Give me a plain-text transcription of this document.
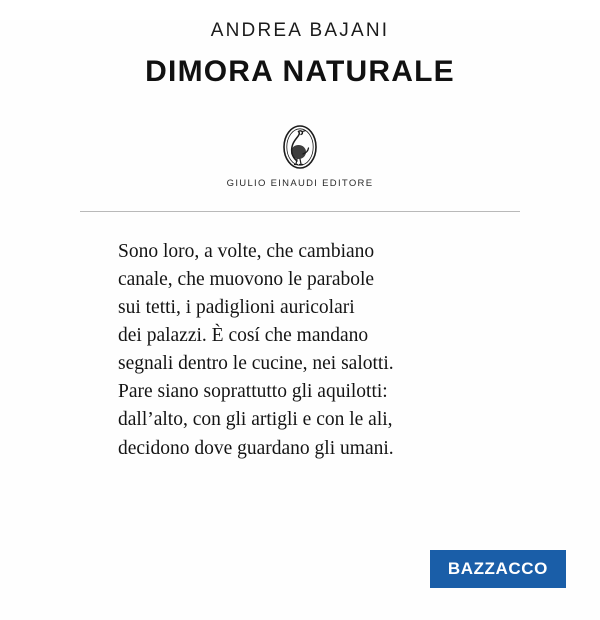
ANDREA BAJANI
DIMORA NATURALE
GIULIO EINAUDI EDITORE
Sono loro, a volte, che cambiano
canale, che muovono le parabole
sui tetti, i padiglioni auricolari
dei palazzi. È cosí che mandano
segnali dentro le cucine, nei salotti.
Pare siano soprattutto gli aquilotti:
dall’alto, con gli artigli e con le ali,
decidono dove guardano gli umani.
BAZZACCO
